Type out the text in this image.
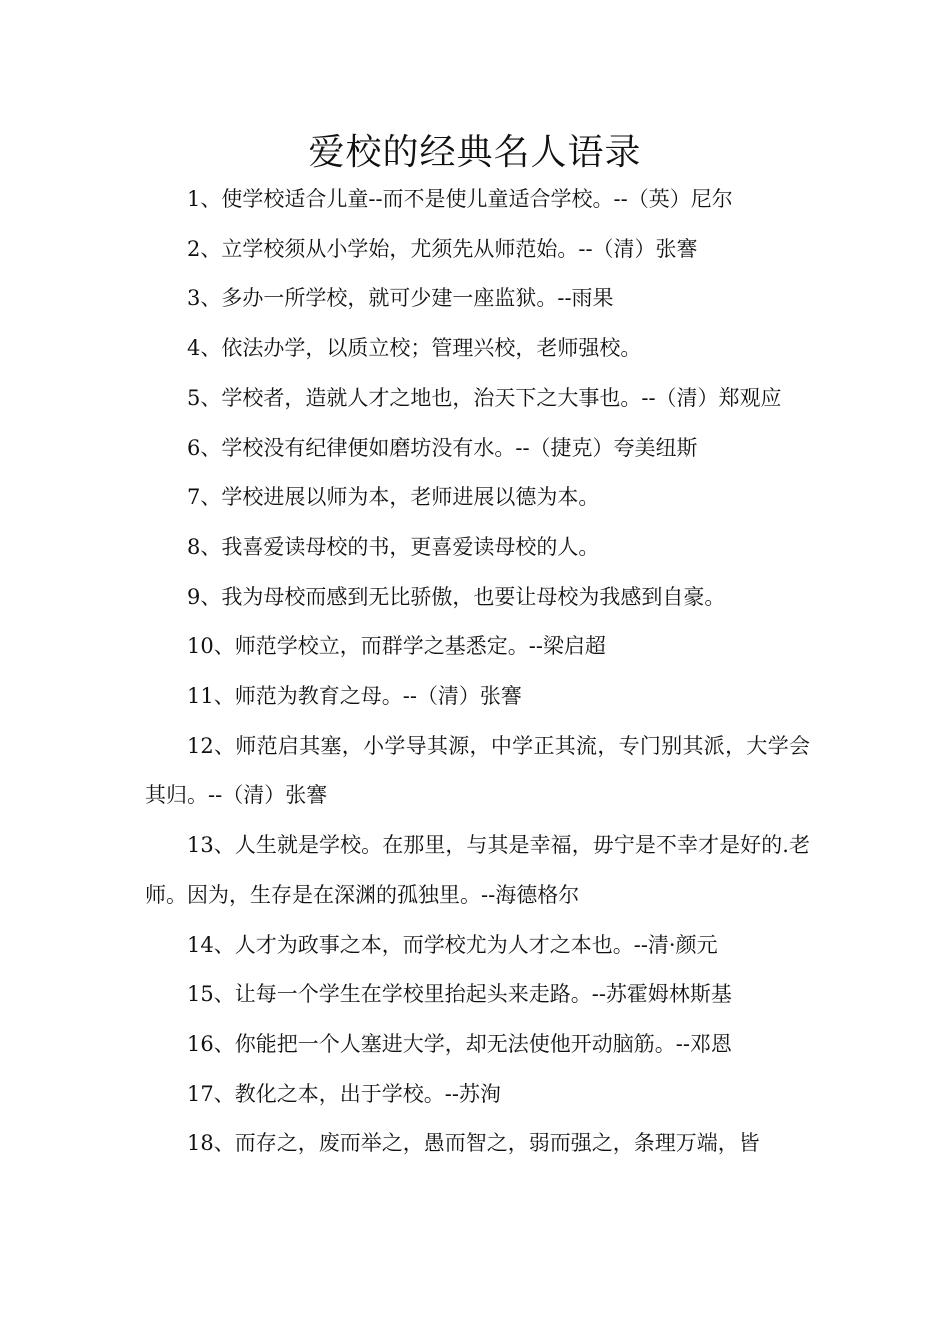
爱校的经典名人语录

1、使学校适合儿童--而不是使儿童适合学校。--（英）尼尔

2、立学校须从小学始，尤须先从师范始。--（清）张謇

3、多办一所学校，就可少建一座监狱。--雨果

4、依法办学，以质立校；管理兴校，老师强校。

5、学校者，造就人才之地也，治天下之大事也。--（清）郑观应

6、学校没有纪律便如磨坊没有水。--（捷克）夸美纽斯

7、学校进展以师为本，老师进展以德为本。

8、我喜爱读母校的书，更喜爱读母校的人。

9、我为母校而感到无比骄傲，也要让母校为我感到自豪。

10、师范学校立，而群学之基悉定。--梁启超

11、师范为教育之母。--（清）张謇

12、师范启其塞，小学导其源，中学正其流，专门别其派，大学会其归。--（清）张謇

13、人生就是学校。在那里，与其是幸福，毋宁是不幸才是好的.老师。因为，生存是在深渊的孤独里。--海德格尔

14、人才为政事之本，而学校尤为人才之本也。--清·颜元

15、让每一个学生在学校里抬起头来走路。--苏霍姆林斯基

16、你能把一个人塞进大学，却无法使他开动脑筋。--邓恩

17、教化之本，出于学校。--苏洵

18、而存之，废而举之，愚而智之，弱而强之，条理万端，皆
